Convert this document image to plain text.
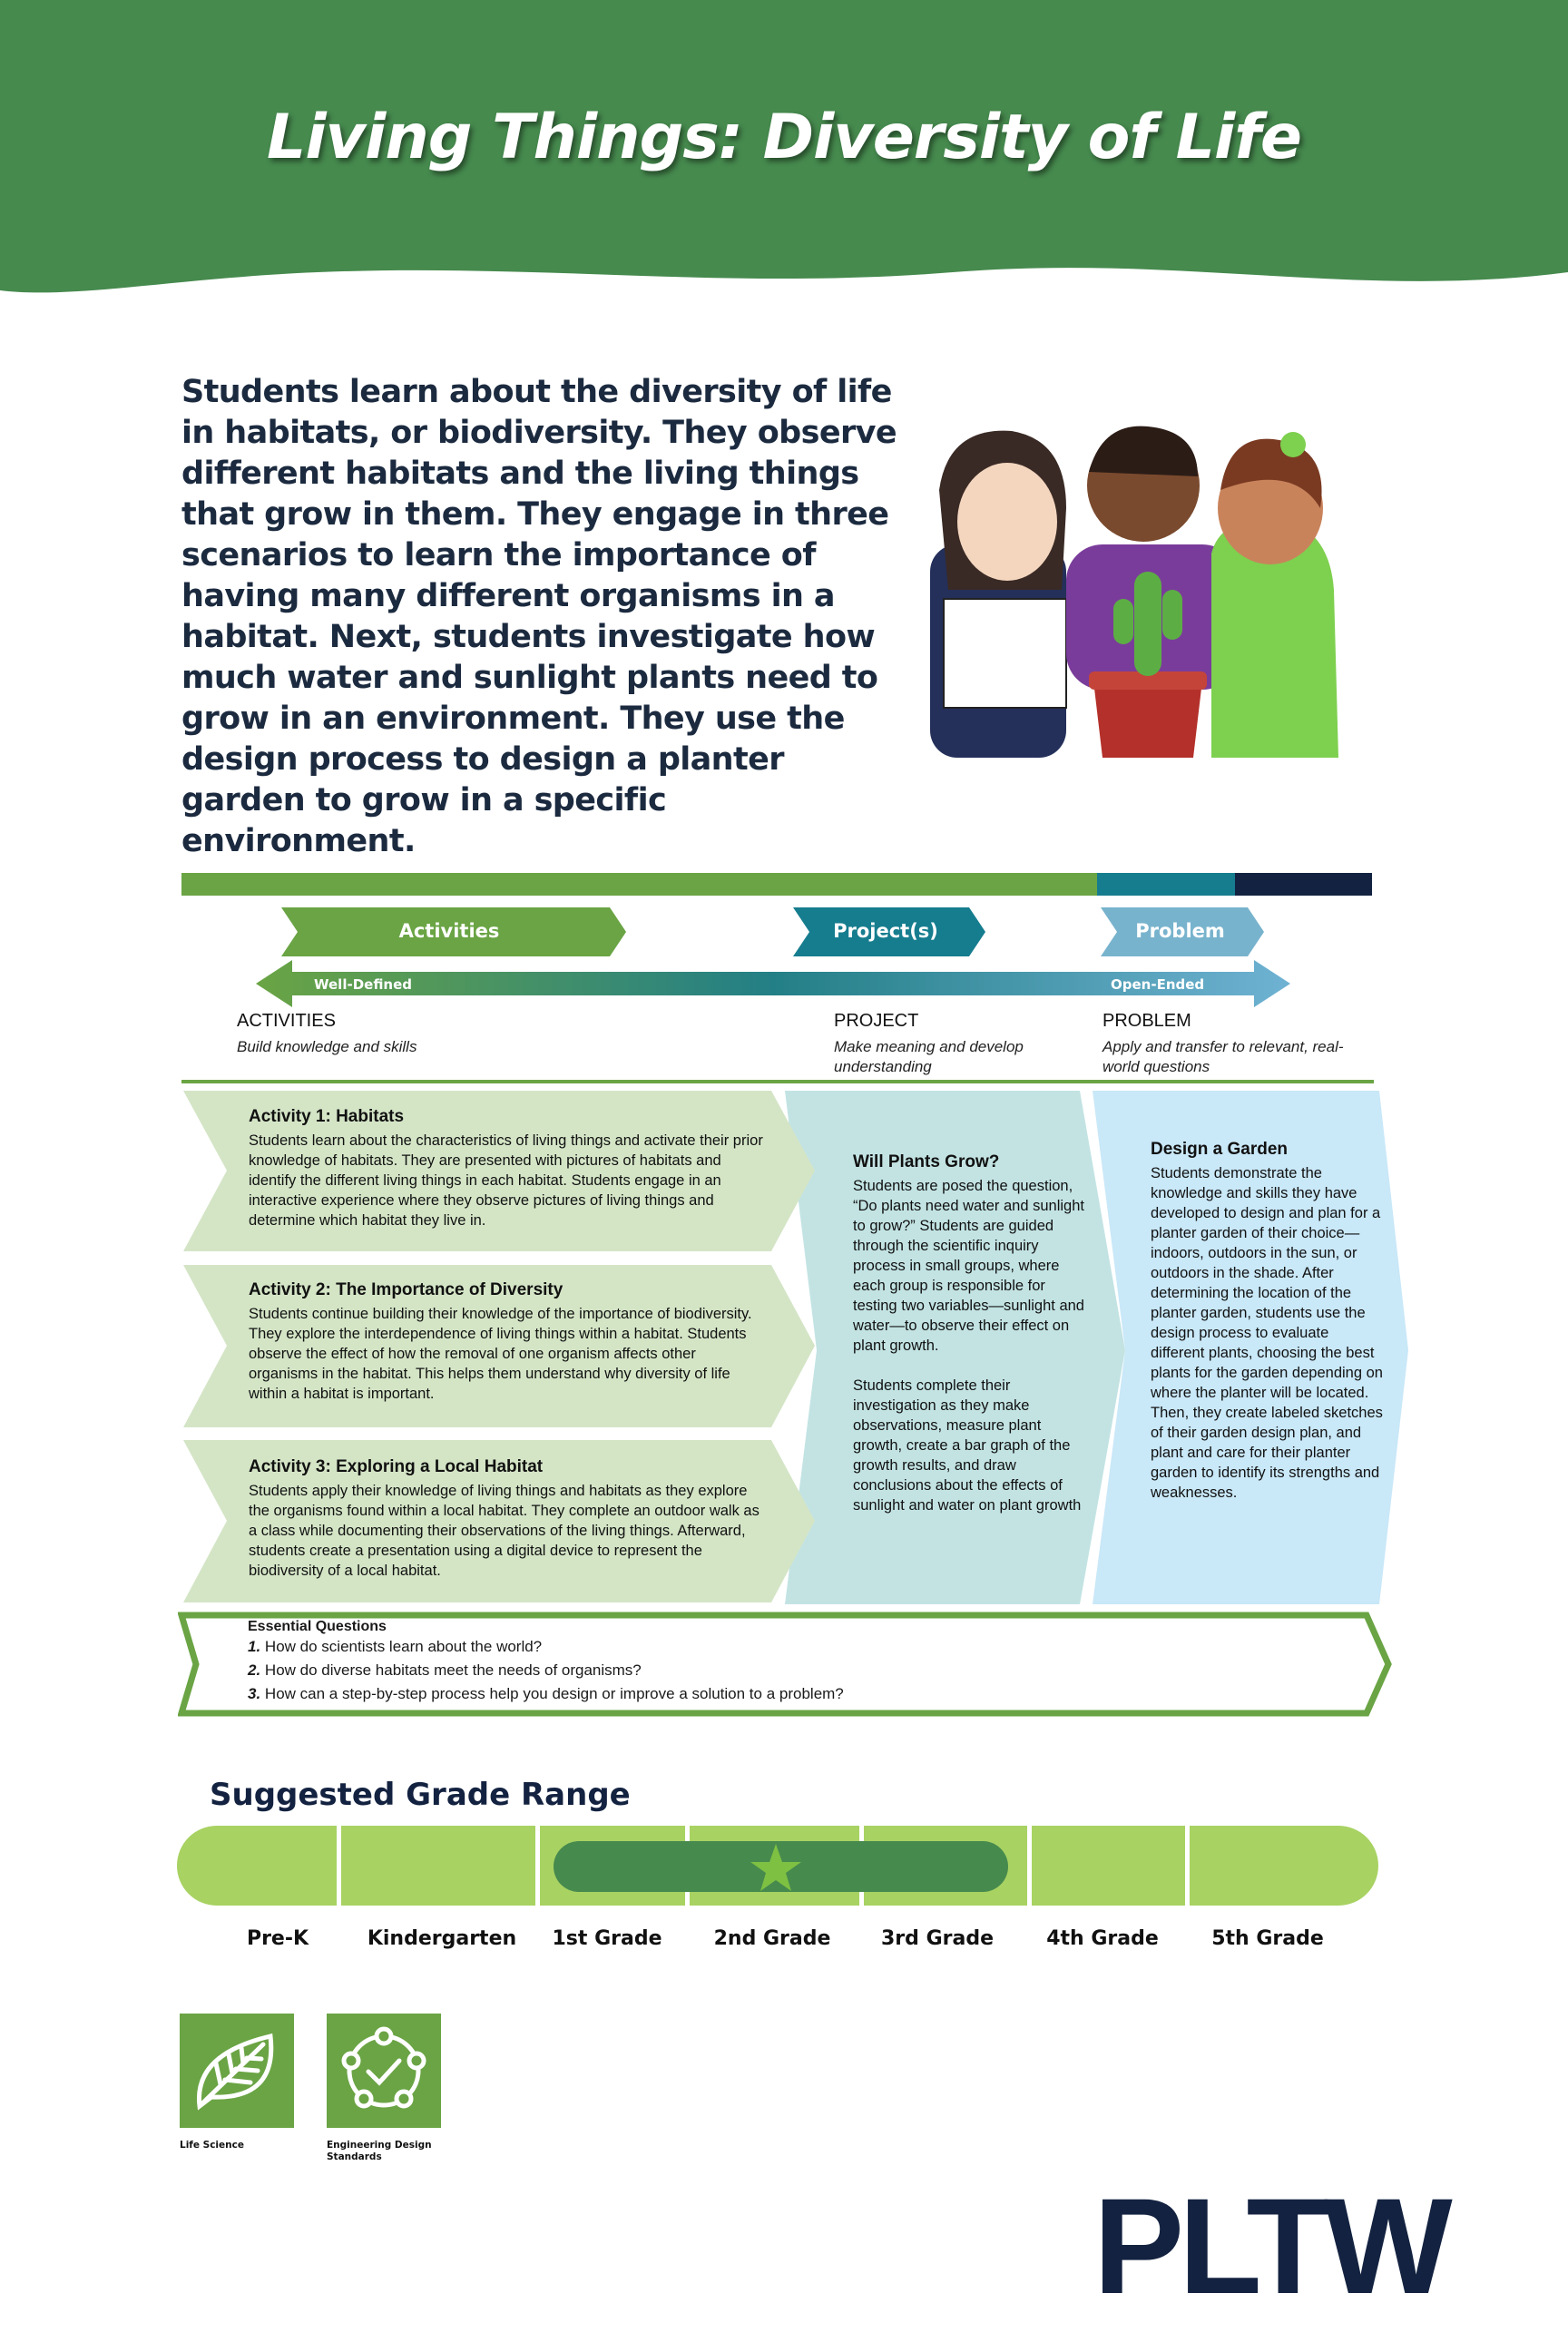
Living Things: Diversity of Life
Students learn about the diversity of life in habitats, or biodiversity. They observe different habitats and the living things that grow in them. They engage in three scenarios to learn the importance of having many different organisms in a habitat. Next, students investigate how much water and sunlight plants need to grow in an environment. They use the design process to design a planter garden to grow in a specific environment.
Activities	Project(s)	Problem
Well-Defined	Open-Ended
ACTIVITIES
Build knowledge and skills
PROJECT
Make meaning and develop understanding
PROBLEM
Apply and transfer to relevant, real-world questions
Activity 1: Habitats

Students learn about the characteristics of living things and activate their prior knowledge of habitats. They are presented with pictures of habitats and identify the different living things in each habitat. Students engage in an interactive experience where they observe pictures of living things and determine which habitat they live in.

Activity 2: The Importance of Diversity

Students continue building their knowledge of the importance of biodiversity. They explore the interdependence of living things within a habitat. Students observe the effect of how the removal of one organism affects other organisms in the habitat. This helps them understand why diversity of life within a habitat is important.

Activity 3: Exploring a Local Habitat

Students apply their knowledge of living things and habitats as they explore the organisms found within a local habitat. They complete an outdoor walk as a class while documenting their observations of the living things. Afterward, students create a presentation using a digital device to represent the biodiversity of a local habitat.

Will Plants Grow?

Students are posed the question, “Do plants need water and sunlight to grow?” Students are guided through the scientific inquiry process in small groups, where each group is responsible for testing two variables—sunlight and water—to observe their effect on plant growth.

Students complete their investigation as they make observations, measure plant growth, create a bar graph of the growth results, and draw conclusions about the effects of sunlight and water on plant growth

Design a Garden

Students demonstrate the knowledge and skills they have developed to design and plan for a planter garden of their choice—indoors, outdoors in the sun, or outdoors in the shade. After determining the location of the planter garden, students use the design process to evaluate different plants, choosing the best plants for the garden depending on where the planter will be located. Then, they create labeled sketches of their garden design plan, and plant and care for their planter garden to identify its strengths and weaknesses.

Essential Questions
1. How do scientists learn about the world?
2. How do diverse habitats meet the needs of organisms?
3. How can a step-by-step process help you design or improve a solution to a problem?
Suggested Grade Range
Pre-K	Kindergarten	1st Grade	2nd Grade	3rd Grade	4th Grade	5th Grade
Life Science	Engineering Design Standards
PLTW
